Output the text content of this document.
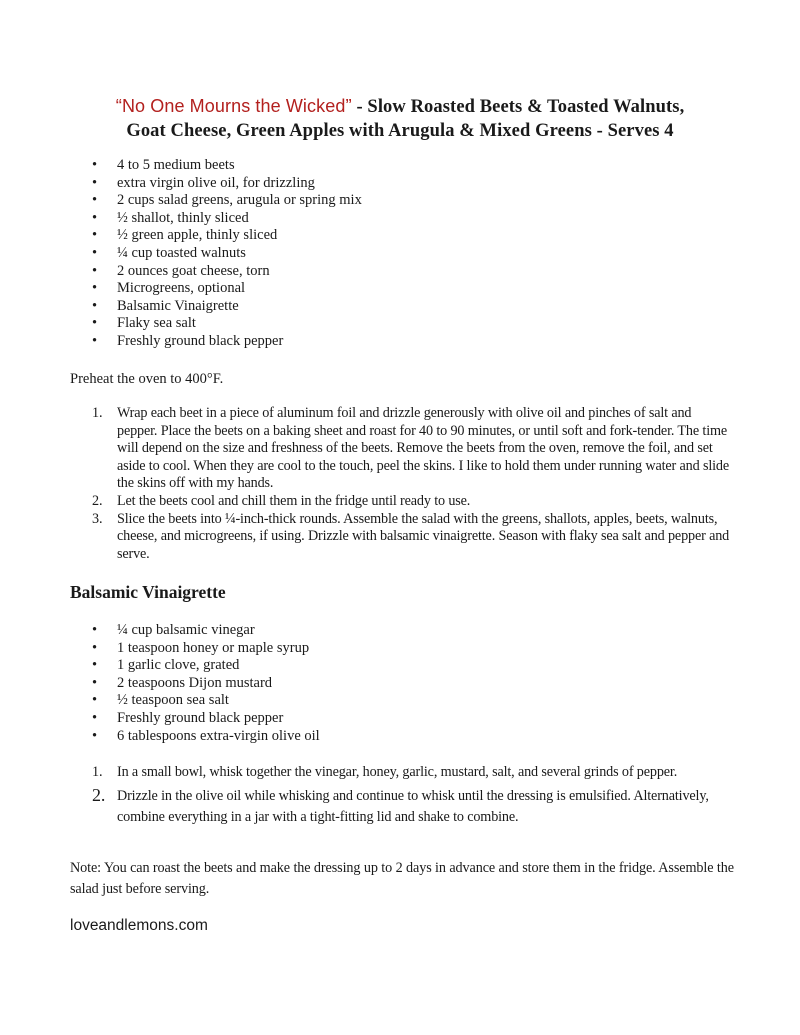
“No One Mourns the Wicked” - Slow Roasted Beets & Toasted Walnuts,
Goat Cheese, Green Apples with Arugula & Mixed Greens - Serves 4
• 4 to 5 medium beets
• extra virgin olive oil, for drizzling
• 2 cups salad greens, arugula or spring mix
• ½ shallot, thinly sliced
• ½ green apple, thinly sliced
• ¼ cup toasted walnuts
• 2 ounces goat cheese, torn
• Microgreens, optional
• Balsamic Vinaigrette
• Flaky sea salt
• Freshly ground black pepper
Preheat the oven to 400°F.
1. Wrap each beet in a piece of aluminum foil and drizzle generously with olive oil and pinches of salt and pepper. Place the beets on a baking sheet and roast for 40 to 90 minutes, or until soft and fork-tender. The time will depend on the size and freshness of the beets. Remove the beets from the oven, remove the foil, and set aside to cool. When they are cool to the touch, peel the skins. I like to hold them under running water and slide the skins off with my hands.
2. Let the beets cool and chill them in the fridge until ready to use.
3. Slice the beets into ¼-inch-thick rounds. Assemble the salad with the greens, shallots, apples, beets, walnuts, cheese, and microgreens, if using. Drizzle with balsamic vinaigrette. Season with flaky sea salt and pepper and serve.
Balsamic Vinaigrette
• ¼ cup balsamic vinegar
• 1 teaspoon honey or maple syrup
• 1 garlic clove, grated
• 2 teaspoons Dijon mustard
• ½ teaspoon sea salt
• Freshly ground black pepper
• 6 tablespoons extra-virgin olive oil
1. In a small bowl, whisk together the vinegar, honey, garlic, mustard, salt, and several grinds of pepper.
2. Drizzle in the olive oil while whisking and continue to whisk until the dressing is emulsified. Alternatively, combine everything in a jar with a tight-fitting lid and shake to combine.
Note: You can roast the beets and make the dressing up to 2 days in advance and store them in the fridge. Assemble the salad just before serving.
loveandlemons.com
